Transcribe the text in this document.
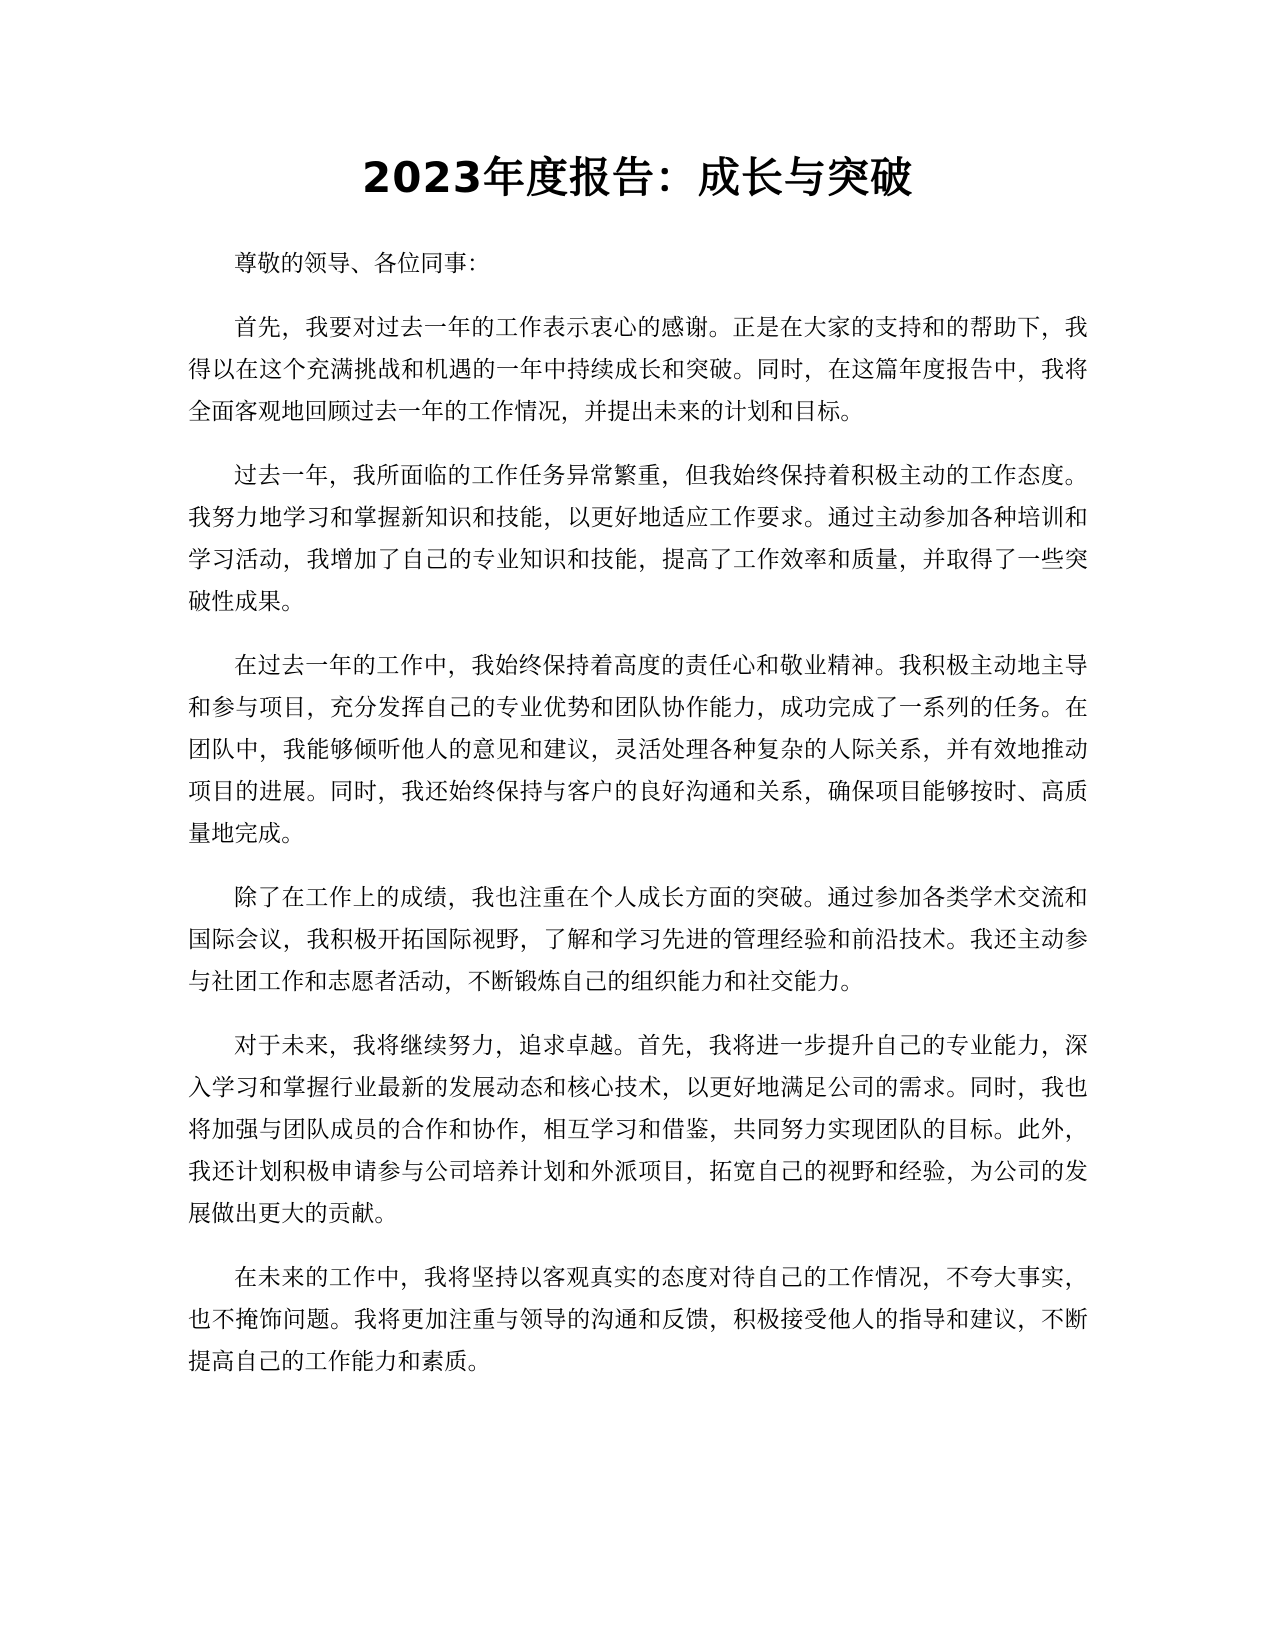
2023年度报告：成长与突破

尊敬的领导、各位同事：

首先，我要对过去一年的工作表示衷心的感谢。正是在大家的支持和的帮助下，我得以在这个充满挑战和机遇的一年中持续成长和突破。同时，在这篇年度报告中，我将全面客观地回顾过去一年的工作情况，并提出未来的计划和目标。

过去一年，我所面临的工作任务异常繁重，但我始终保持着积极主动的工作态度。我努力地学习和掌握新知识和技能，以更好地适应工作要求。通过主动参加各种培训和学习活动，我增加了自己的专业知识和技能，提高了工作效率和质量，并取得了一些突破性成果。

在过去一年的工作中，我始终保持着高度的责任心和敬业精神。我积极主动地主导和参与项目，充分发挥自己的专业优势和团队协作能力，成功完成了一系列的任务。在团队中，我能够倾听他人的意见和建议，灵活处理各种复杂的人际关系，并有效地推动项目的进展。同时，我还始终保持与客户的良好沟通和关系，确保项目能够按时、高质量地完成。

除了在工作上的成绩，我也注重在个人成长方面的突破。通过参加各类学术交流和国际会议，我积极开拓国际视野，了解和学习先进的管理经验和前沿技术。我还主动参与社团工作和志愿者活动，不断锻炼自己的组织能力和社交能力。

对于未来，我将继续努力，追求卓越。首先，我将进一步提升自己的专业能力，深入学习和掌握行业最新的发展动态和核心技术，以更好地满足公司的需求。同时，我也将加强与团队成员的合作和协作，相互学习和借鉴，共同努力实现团队的目标。此外，我还计划积极申请参与公司培养计划和外派项目，拓宽自己的视野和经验，为公司的发展做出更大的贡献。

在未来的工作中，我将坚持以客观真实的态度对待自己的工作情况，不夸大事实，也不掩饰问题。我将更加注重与领导的沟通和反馈，积极接受他人的指导和建议，不断提高自己的工作能力和素质。
